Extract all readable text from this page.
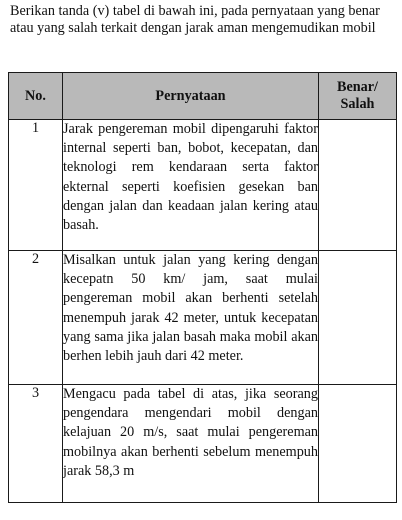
Berikan tanda (v) tabel di bawah ini, pada pernyataan yang benar atau yang salah terkait dengan jarak aman mengemudikan mobil

No.	Pernyataan	Benar/
Salah
1	Jarak pengereman mobil dipengaruhi faktor internal seperti ban, bobot, kecepatan, dan teknologi rem kendaraan serta faktor ekternal seperti koefisien gesekan ban dengan jalan dan keadaan jalan kering atau basah.	
2	Misalkan untuk jalan yang kering dengan kecepatn 50 km/ jam, saat mulai pengereman mobil akan berhenti setelah menempuh jarak 42 meter, untuk kecepatan yang sama jika jalan basah maka mobil akan berhen lebih jauh dari 42 meter.	
3	Mengacu pada tabel di atas, jika seorang pengendara mengendari mobil dengan kelajuan 20 m/s, saat mulai pengereman mobilnya akan berhenti sebelum menempuh jarak 58,3 m	
